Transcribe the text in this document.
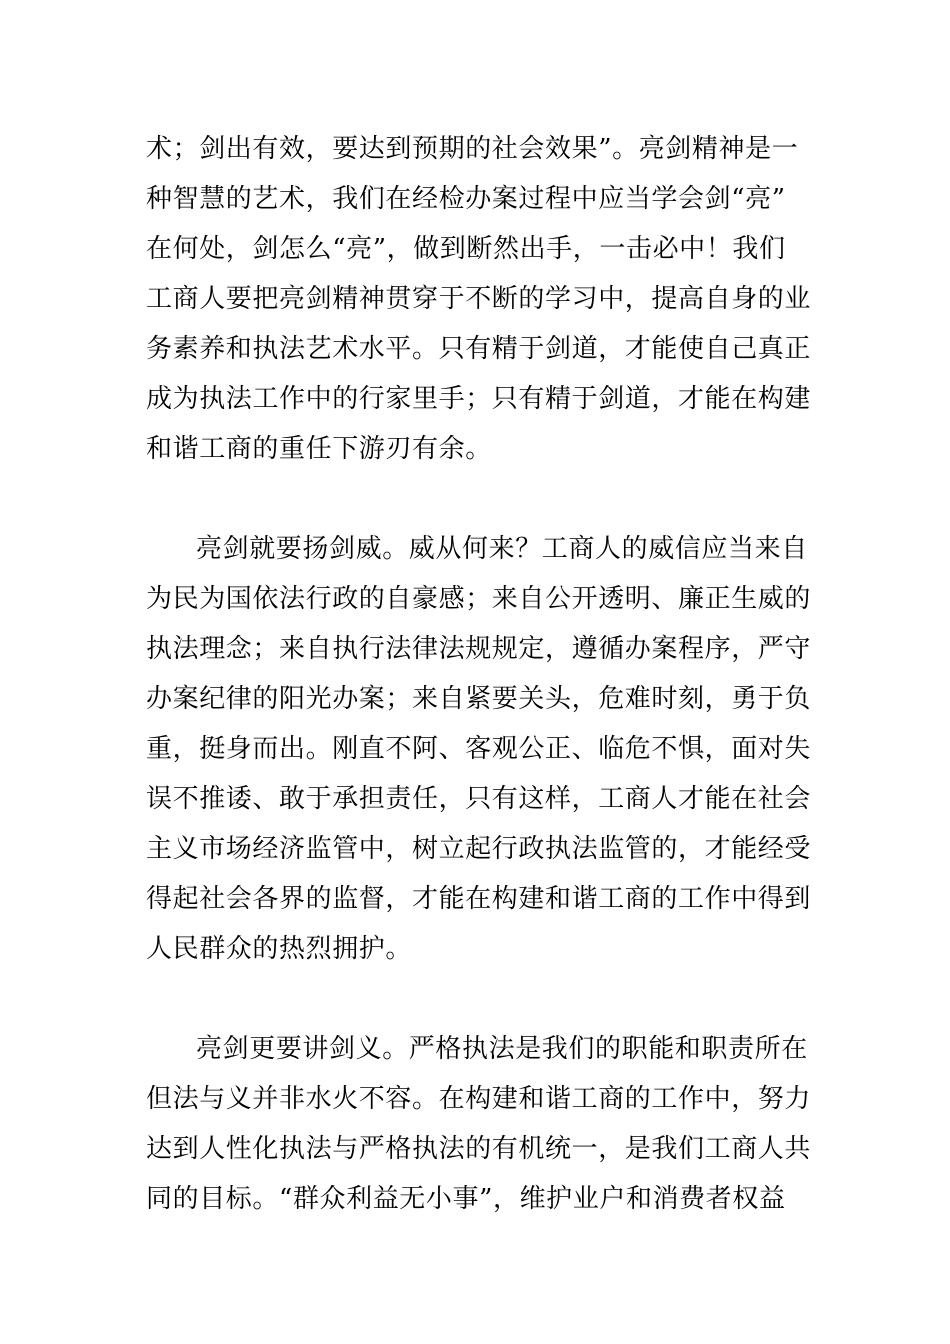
术；剑出有效，要达到预期的社会效果”。亮剑精神是一
种智慧的艺术，我们在经检办案过程中应当学会剑“亮”
在何处，剑怎么“亮”，做到断然出手，一击必中！我们
工商人要把亮剑精神贯穿于不断的学习中，提高自身的业
务素养和执法艺术水平。只有精于剑道，才能使自己真正
成为执法工作中的行家里手；只有精于剑道，才能在构建
和谐工商的重任下游刃有余。
亮剑就要扬剑威。威从何来？工商人的威信应当来自
为民为国依法行政的自豪感；来自公开透明、廉正生威的
执法理念；来自执行法律法规规定，遵循办案程序，严守
办案纪律的阳光办案；来自紧要关头，危难时刻，勇于负
重，挺身而出。刚直不阿、客观公正、临危不惧，面对失
误不推诿、敢于承担责任，只有这样，工商人才能在社会
主义市场经济监管中，树立起行政执法监管的，才能经受
得起社会各界的监督，才能在构建和谐工商的工作中得到
人民群众的热烈拥护。
亮剑更要讲剑义。严格执法是我们的职能和职责所在
但法与义并非水火不容。在构建和谐工商的工作中，努力
达到人性化执法与严格执法的有机统一，是我们工商人共
同的目标。“群众利益无小事”，维护业户和消费者权益
